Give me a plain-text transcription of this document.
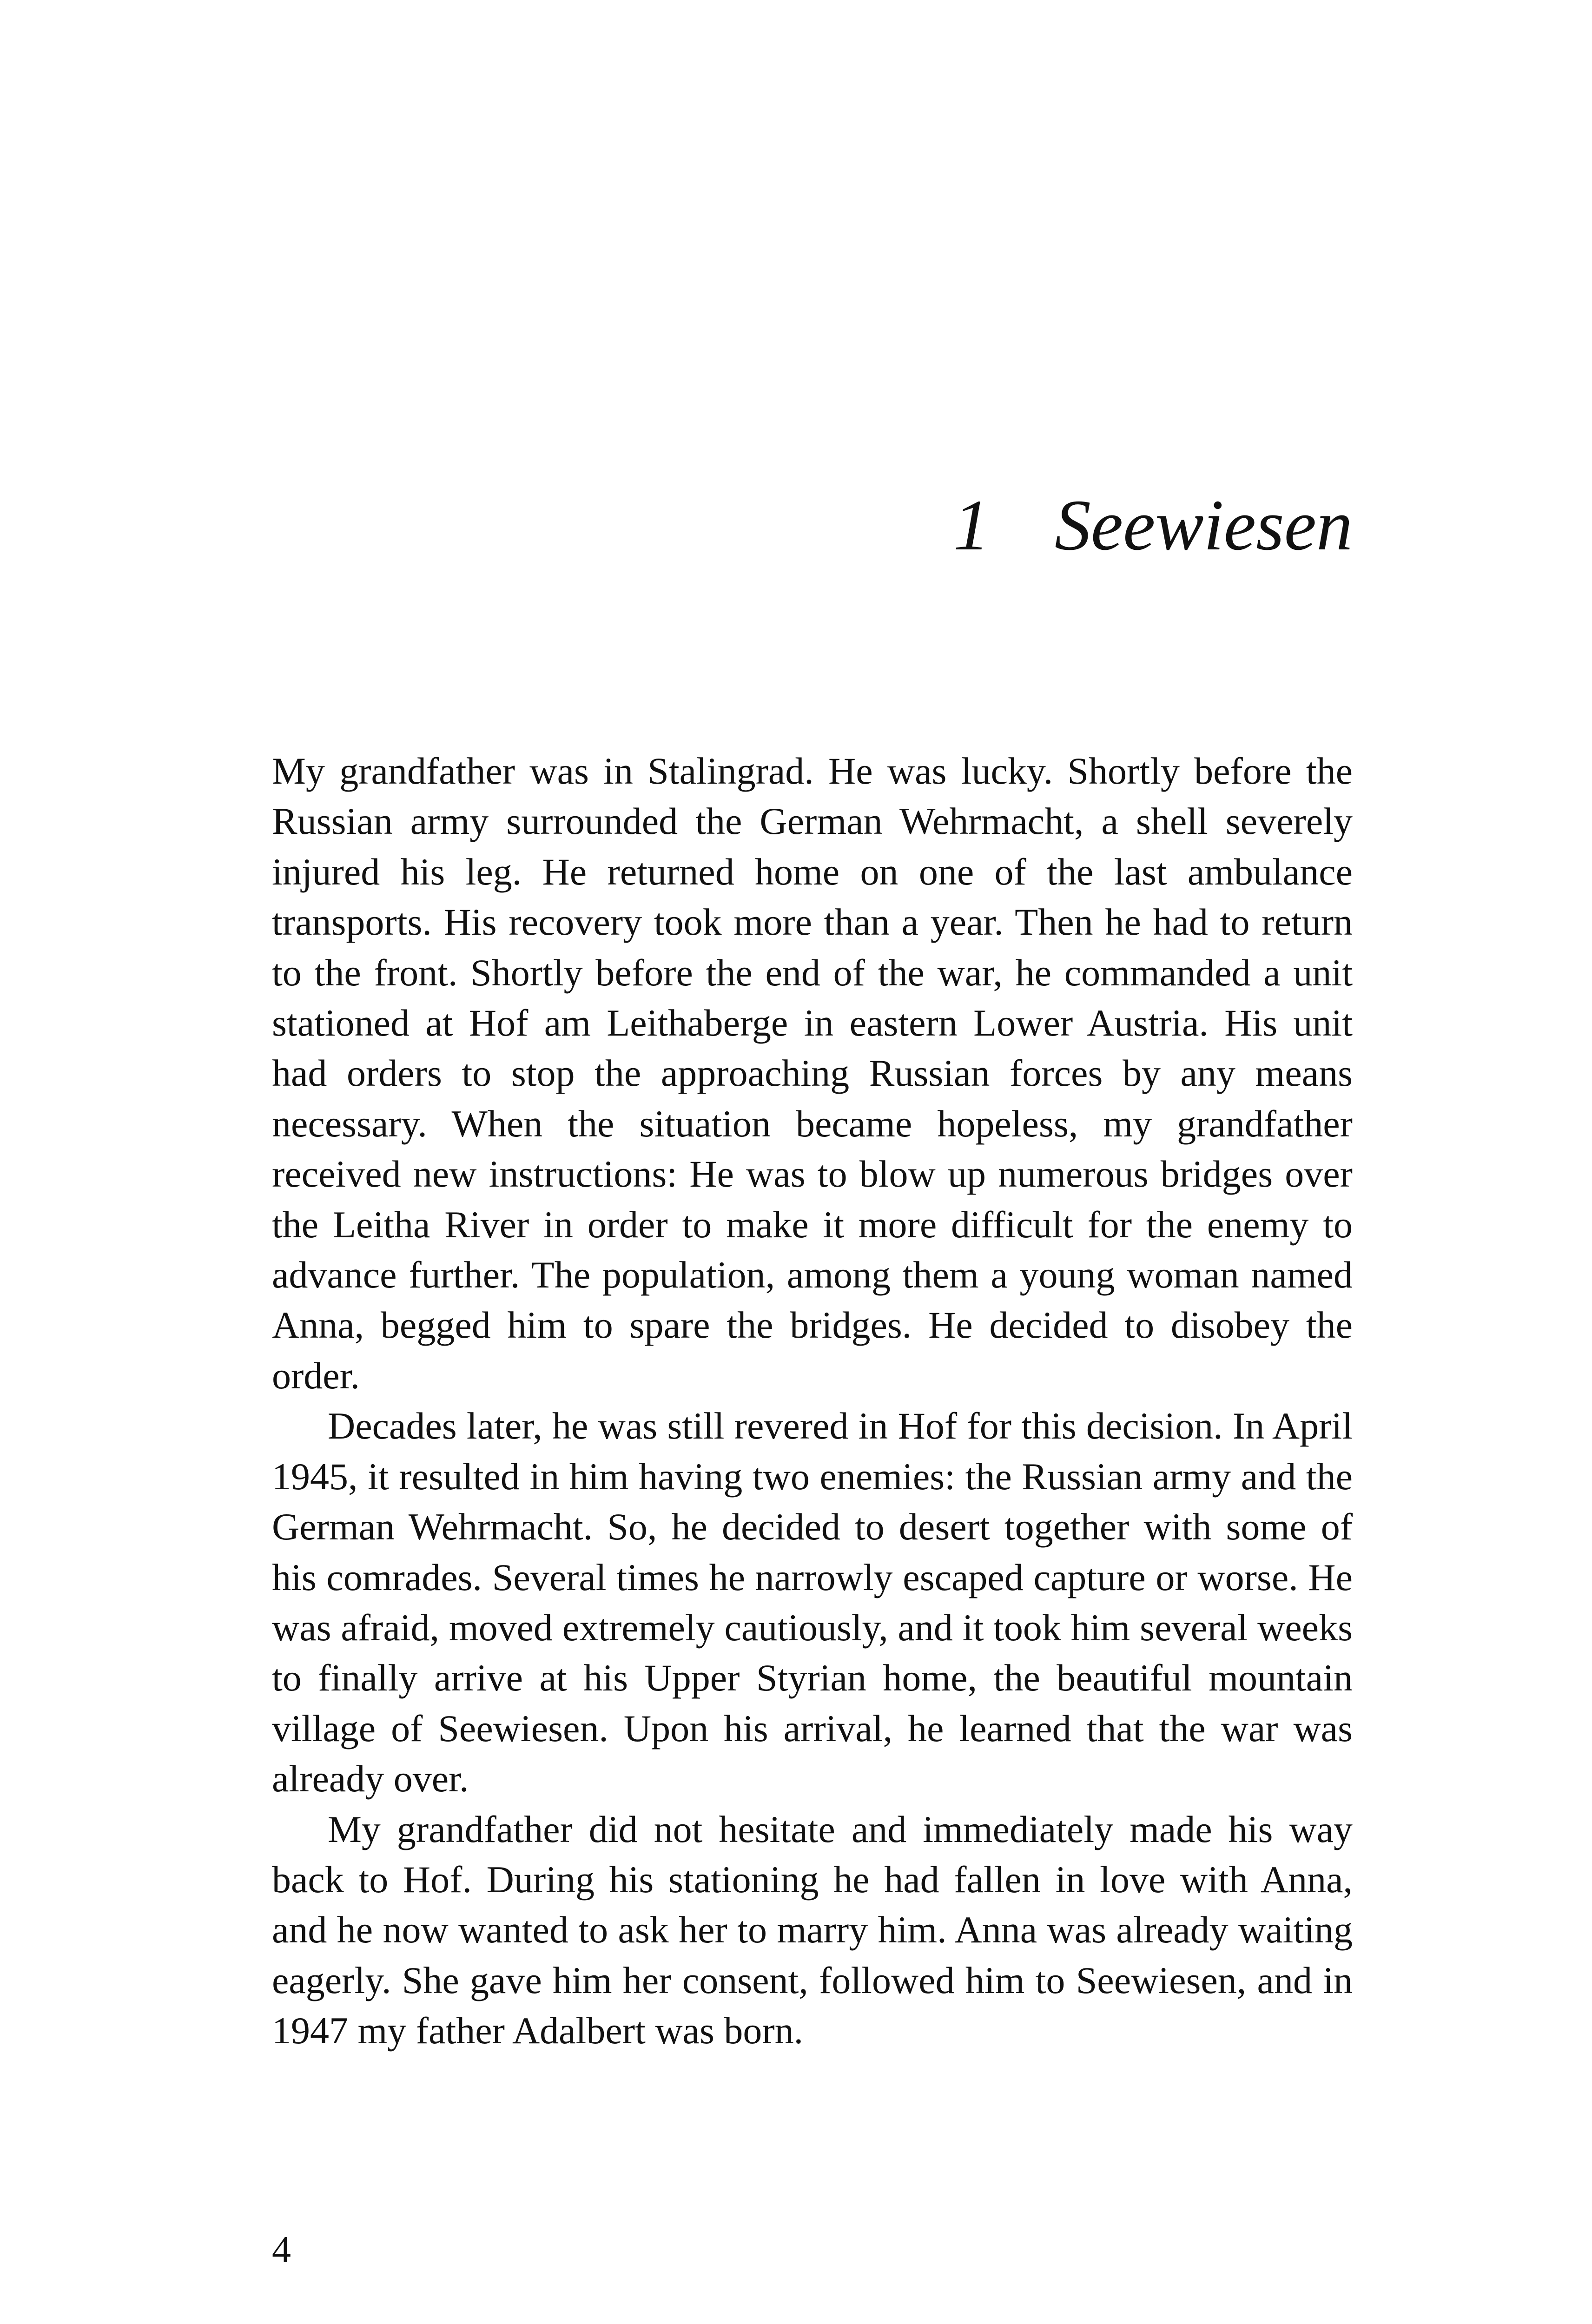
1 Seewiesen

My grandfather was in Stalingrad. He was lucky. Shortly before the Russian army surrounded the German Wehrmacht, a shell severely injured his leg. He returned home on one of the last ambulance transports. His recovery took more than a year. Then he had to return to the front. Shortly before the end of the war, he commanded a unit stationed at Hof am Leithaberge in eastern Lower Austria. His unit had orders to stop the approaching Russian forces by any means necessary. When the situation became hopeless, my grandfather received new instructions: He was to blow up numerous bridges over the Leitha River in order to make it more difficult for the enemy to advance further. The population, among them a young woman named Anna, begged him to spare the bridges. He decided to disobey the order.

Decades later, he was still revered in Hof for this decision. In April 1945, it resulted in him having two enemies: the Russian army and the German Wehrmacht. So, he decided to desert together with some of his comrades. Several times he narrowly escaped capture or worse. He was afraid, moved extremely cautiously, and it took him several weeks to finally arrive at his Upper Styrian home, the beautiful mountain village of Seewiesen. Upon his arrival, he learned that the war was already over.

My grandfather did not hesitate and immediately made his way back to Hof. During his stationing he had fallen in love with Anna, and he now wanted to ask her to marry him. Anna was already waiting eagerly. She gave him her consent, followed him to Seewiesen, and in 1947 my father Adalbert was born.

4
